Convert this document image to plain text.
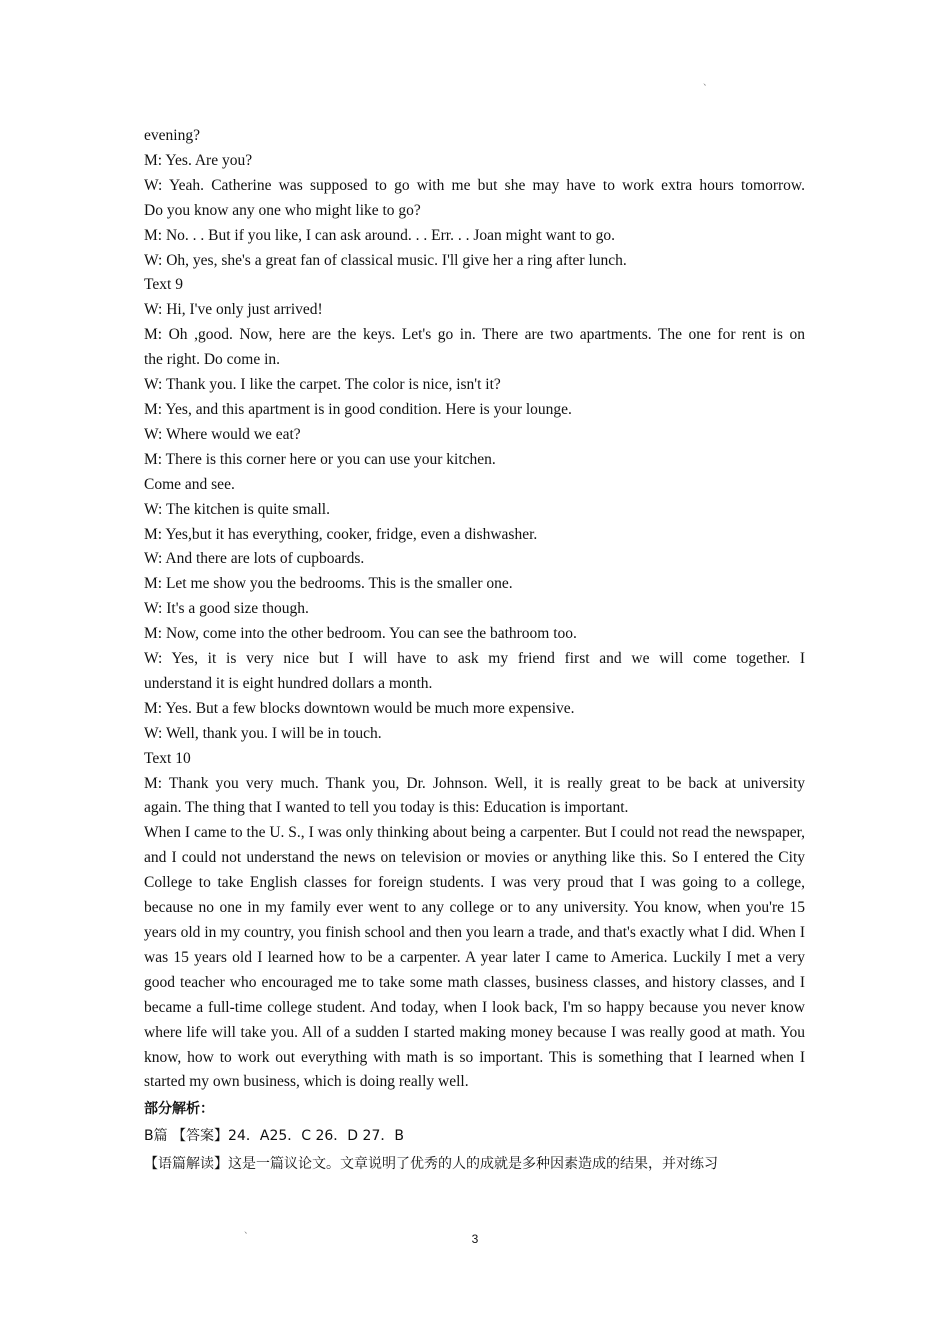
、

evening?

M: Yes. Are you?

W: Yeah. Catherine was supposed to go with me but she may have to work extra hours tomorrow.

Do you know any one who might like to go?

M: No. . . But if you like, I can ask around. . . Err. . . Joan might want to go.

W: Oh, yes, she's a great fan of classical music. I'll give her a ring after lunch.

Text 9

W: Hi, I've only just arrived!

M: Oh ,good. Now, here are the keys. Let's go in. There are two apartments. The one for rent is on

the right. Do come in.

W: Thank you. I like the carpet. The color is nice, isn't it?

M: Yes, and this apartment is in good condition. Here is your lounge.

W: Where would we eat?

M: There is this corner here or you can use your kitchen.

Come and see.

W: The kitchen is quite small.

M: Yes,but it has everything, cooker, fridge, even a dishwasher.

W: And there are lots of cupboards.

M: Let me show you the bedrooms. This is the smaller one.

W: It's a good size though.

M: Now, come into the other bedroom. You can see the bathroom too.

W: Yes, it is very nice but I will have to ask my friend first and we will come together. I

understand it is eight hundred dollars a month.

M: Yes. But a few blocks downtown would be much more expensive.

W: Well, thank you. I will be in touch.

Text 10

M: Thank you very much. Thank you, Dr. Johnson. Well, it is really great to be back at university

again. The thing that I wanted to tell you today is this: Education is important.

When I came to the U. S., I was only thinking about being a carpenter. But I could not read the newspaper, and I could not understand the news on television or movies or anything like this. So I entered the City College to take English classes for foreign students. I was very proud that I was going to a college, because no one in my family ever went to any college or to any university. You know, when you're 15 years old in my country, you finish school and then you learn a trade, and that's exactly what I did. When I was 15 years old I learned how to be a carpenter. A year later I came to America. Luckily I met a very good teacher who encouraged me to take some math classes, business classes, and history classes, and I became a full-time college student. And today, when I look back, I'm so happy because you never know where life will take you. All of a sudden I started making money because I was really good at math. You know, how to work out everything with math is so important. This is something that I learned when I started my own business, which is doing really well.

部分解析：
B篇 【答案】24．A25．C 26．D 27．B
【语篇解读】这是一篇议论文。文章说明了优秀的人的成就是多种因素造成的结果，并对练习
、
3
